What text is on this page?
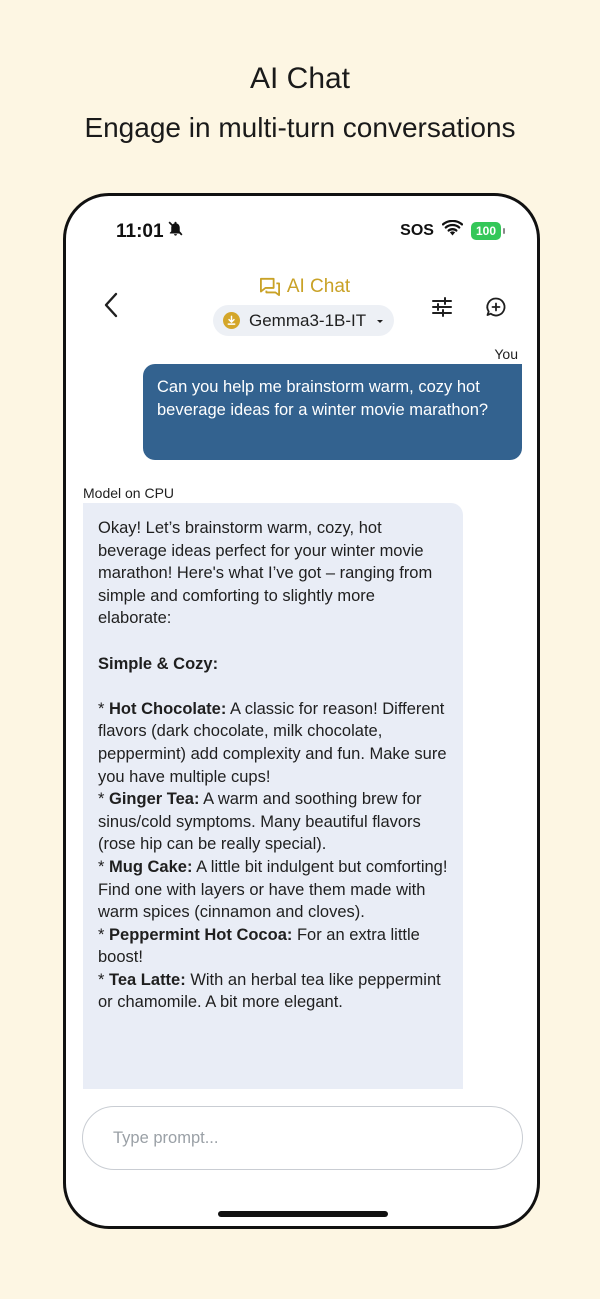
AI Chat
Engage in multi-turn conversations
11:01	SOS	100
AI Chat
Gemma3-1B-IT
You
Can you help me brainstorm warm, cozy hot beverage ideas for a winter movie marathon?
Model on CPU

Okay! Let’s brainstorm warm, cozy, hot beverage ideas perfect for your winter movie marathon! Here's what I’ve got – ranging from simple and comforting to slightly more elaborate:

Simple & Cozy:

* Hot Chocolate: A classic for reason! Different flavors (dark chocolate, milk chocolate, peppermint) add complexity and fun. Make sure you have multiple cups!

* Ginger Tea: A warm and soothing brew for sinus/cold symptoms. Many beautiful flavors (rose hip can be really special).

* Mug Cake: A little bit indulgent but comforting! Find one with layers or have them made with warm spices (cinnamon and cloves).

* Peppermint Hot Cocoa: For an extra little boost!

* Tea Latte: With an herbal tea like peppermint or chamomile. A bit more elegant.

Type prompt...
